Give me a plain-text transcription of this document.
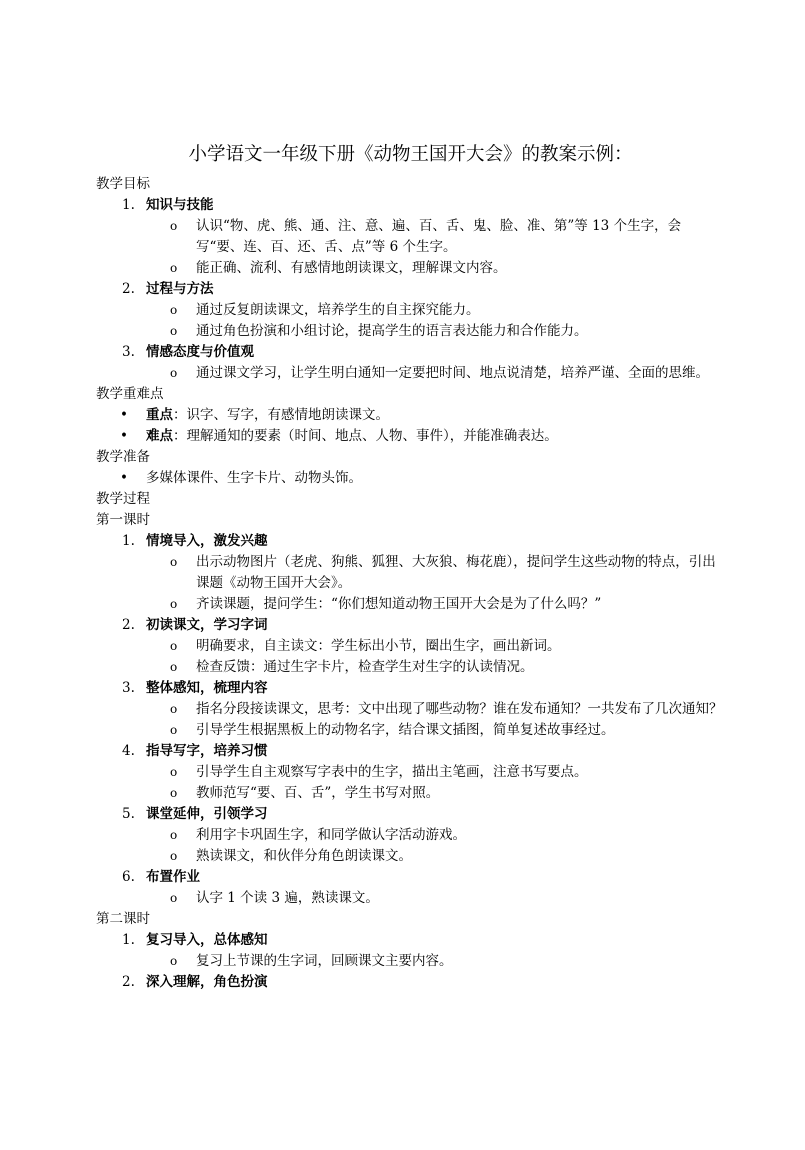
小学语文一年级下册《动物王国开大会》的教案示例：
教学目标
1. 知识与技能
o 认识“物、虎、熊、通、注、意、遍、百、舌、鬼、脸、准、第”等 13 个生字，会写“要、连、百、还、舌、点”等 6 个生字。
o 能正确、流利、有感情地朗读课文，理解课文内容。
2. 过程与方法
o 通过反复朗读课文，培养学生的自主探究能力。
o 通过角色扮演和小组讨论，提高学生的语言表达能力和合作能力。
3. 情感态度与价值观
o 通过课文学习，让学生明白通知一定要把时间、地点说清楚，培养严谨、全面的思维。
教学重难点
• 重点：识字、写字，有感情地朗读课文。
• 难点：理解通知的要素（时间、地点、人物、事件），并能准确表达。
教学准备
• 多媒体课件、生字卡片、动物头饰。
教学过程
第一课时
1. 情境导入，激发兴趣
o 出示动物图片（老虎、狗熊、狐狸、大灰狼、梅花鹿），提问学生这些动物的特点，引出课题《动物王国开大会》。
o 齐读课题，提问学生：“你们想知道动物王国开大会是为了什么吗？”
2. 初读课文，学习字词
o 明确要求，自主读文：学生标出小节，圈出生字，画出新词。
o 检查反馈：通过生字卡片，检查学生对生字的认读情况。
3. 整体感知，梳理内容
o 指名分段接读课文，思考：文中出现了哪些动物？谁在发布通知？一共发布了几次通知？
o 引导学生根据黑板上的动物名字，结合课文插图，简单复述故事经过。
4. 指导写字，培养习惯
o 引导学生自主观察写字表中的生字，描出主笔画，注意书写要点。
o 教师范写“要、百、舌”，学生书写对照。
5. 课堂延伸，引领学习
o 利用字卡巩固生字，和同学做认字活动游戏。
o 熟读课文，和伙伴分角色朗读课文。
6. 布置作业
o 认字 1 个读 3 遍，熟读课文。
第二课时
1. 复习导入，总体感知
o 复习上节课的生字词，回顾课文主要内容。
2. 深入理解，角色扮演
